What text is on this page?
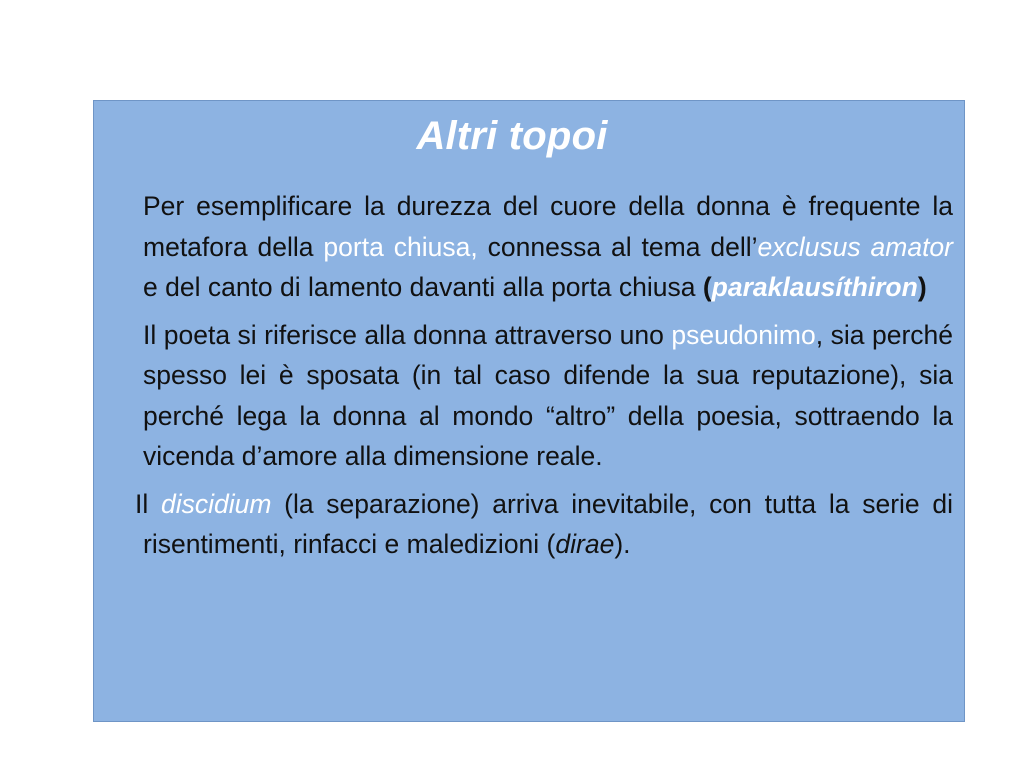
Altri topoi

Per esemplificare la durezza del cuore della donna è frequente la metafora della porta chiusa, connessa al tema dell’exclusus amator e del canto di lamento davanti alla porta chiusa (paraklausíthiron)

Il poeta si riferisce alla donna attraverso uno pseudonimo, sia perché spesso lei è sposata (in tal caso difende la sua reputazione), sia perché lega la donna al mondo “altro” della poesia, sottraendo la vicenda d’amore alla dimensione reale.

Il discidium (la separazione) arriva inevitabile, con tutta la serie di risentimenti, rinfacci e maledizioni (dirae).
